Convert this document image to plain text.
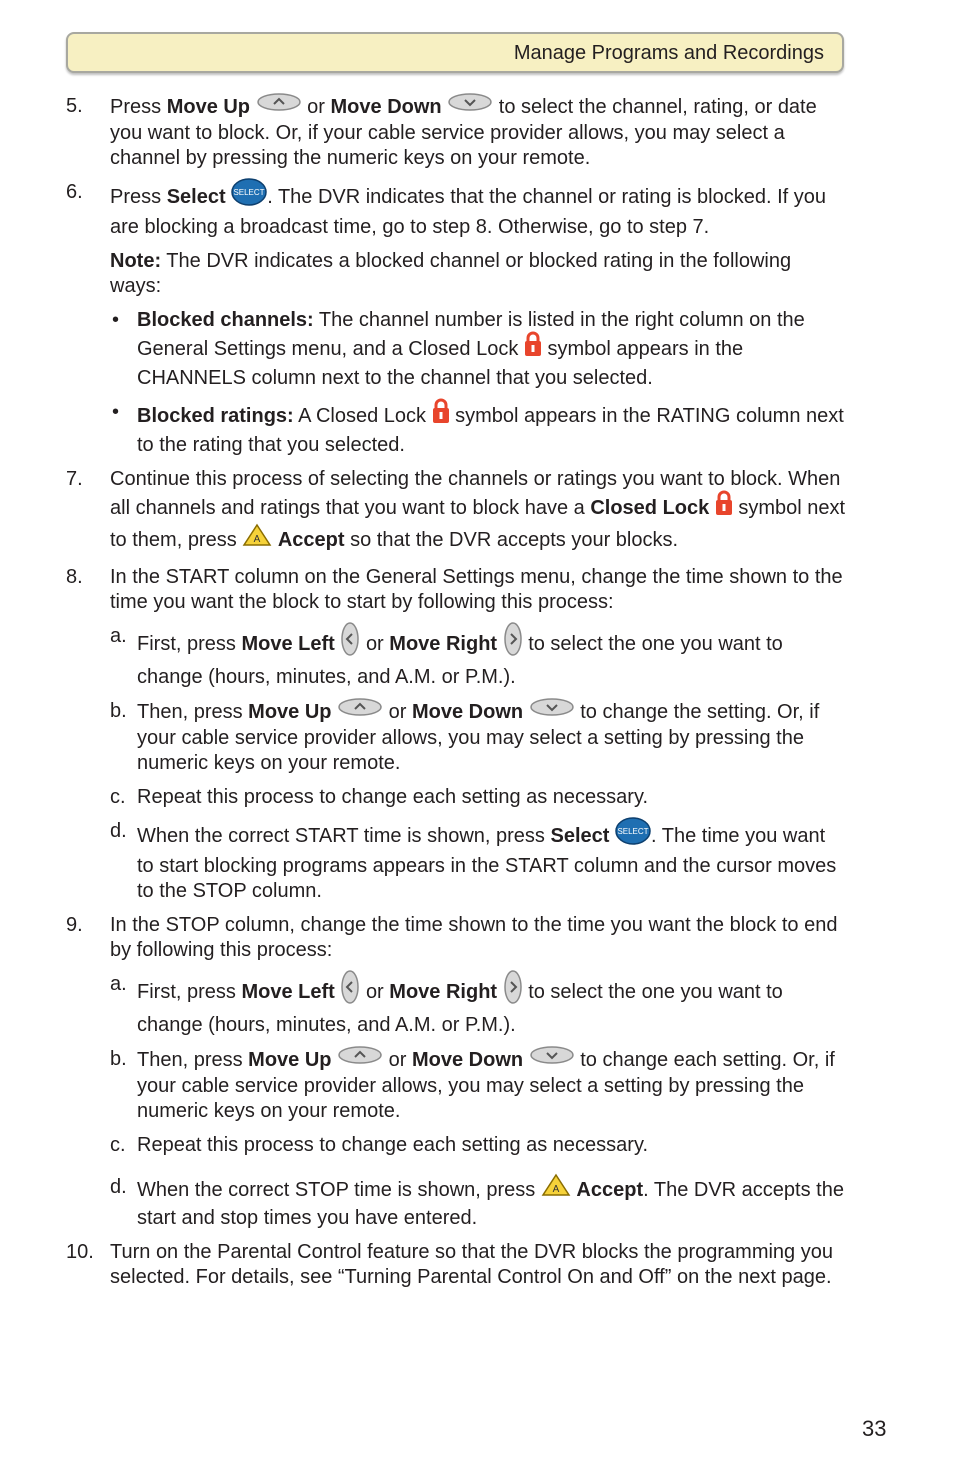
Manage Programs and Recordings
5. Press Move Up	or Move Down	to select the channel, rating, or date you want to block. Or, if your cable service provider allows, you may select a channel by pressing the numeric keys on your remote.
6. Press Select SELECT . The DVR indicates that the channel or rating is blocked. If you are blocking a broadcast time, go to step 8. Otherwise, go to step 7.
Note: The DVR indicates a blocked channel or blocked rating in the following ways:
• Blocked channels: The channel number is listed in the right column on the General Settings menu, and a Closed Lock  symbol appears in the CHANNELS column next to the channel that you selected.
• Blocked ratings: A Closed Lock  symbol appears in the RATING column next to the rating that you selected.
7. Continue this process of selecting the channels or ratings you want to block. When all channels and ratings that you want to block have a Closed Lock  symbol next to them, press A Accept so that the DVR accepts your blocks.
8. In the START column on the General Settings menu, change the time shown to the time you want the block to start by following this process:
a. First, press Move Left or Move Right  to select the one you want to change (hours, minutes, and A.M. or P.M.).
b. Then, press Move Up	or Move Down	to change the setting. Or, if your cable service provider allows, you may select a setting by pressing the numeric keys on your remote.
c. Repeat this process to change each setting as necessary.
d. When the correct START time is shown, press Select SELECT . The time you want to start blocking programs appears in the START column and the cursor moves to the STOP column.
9. In the STOP column, change the time shown to the time you want the block to end by following this process:
a. First, press Move Left or Move Right  to select the one you want to change (hours, minutes, and A.M. or P.M.).
b. Then, press Move Up	or Move Down	to change each setting. Or, if your cable service provider allows, you may select a setting by pressing the numeric keys on your remote.
c. Repeat this process to change each setting as necessary.
d. When the correct STOP time is shown, press A Accept. The DVR accepts the start and stop times you have entered.
10. Turn on the Parental Control feature so that the DVR blocks the programming you selected. For details, see “Turning Parental Control On and Off” on the next page.
33
